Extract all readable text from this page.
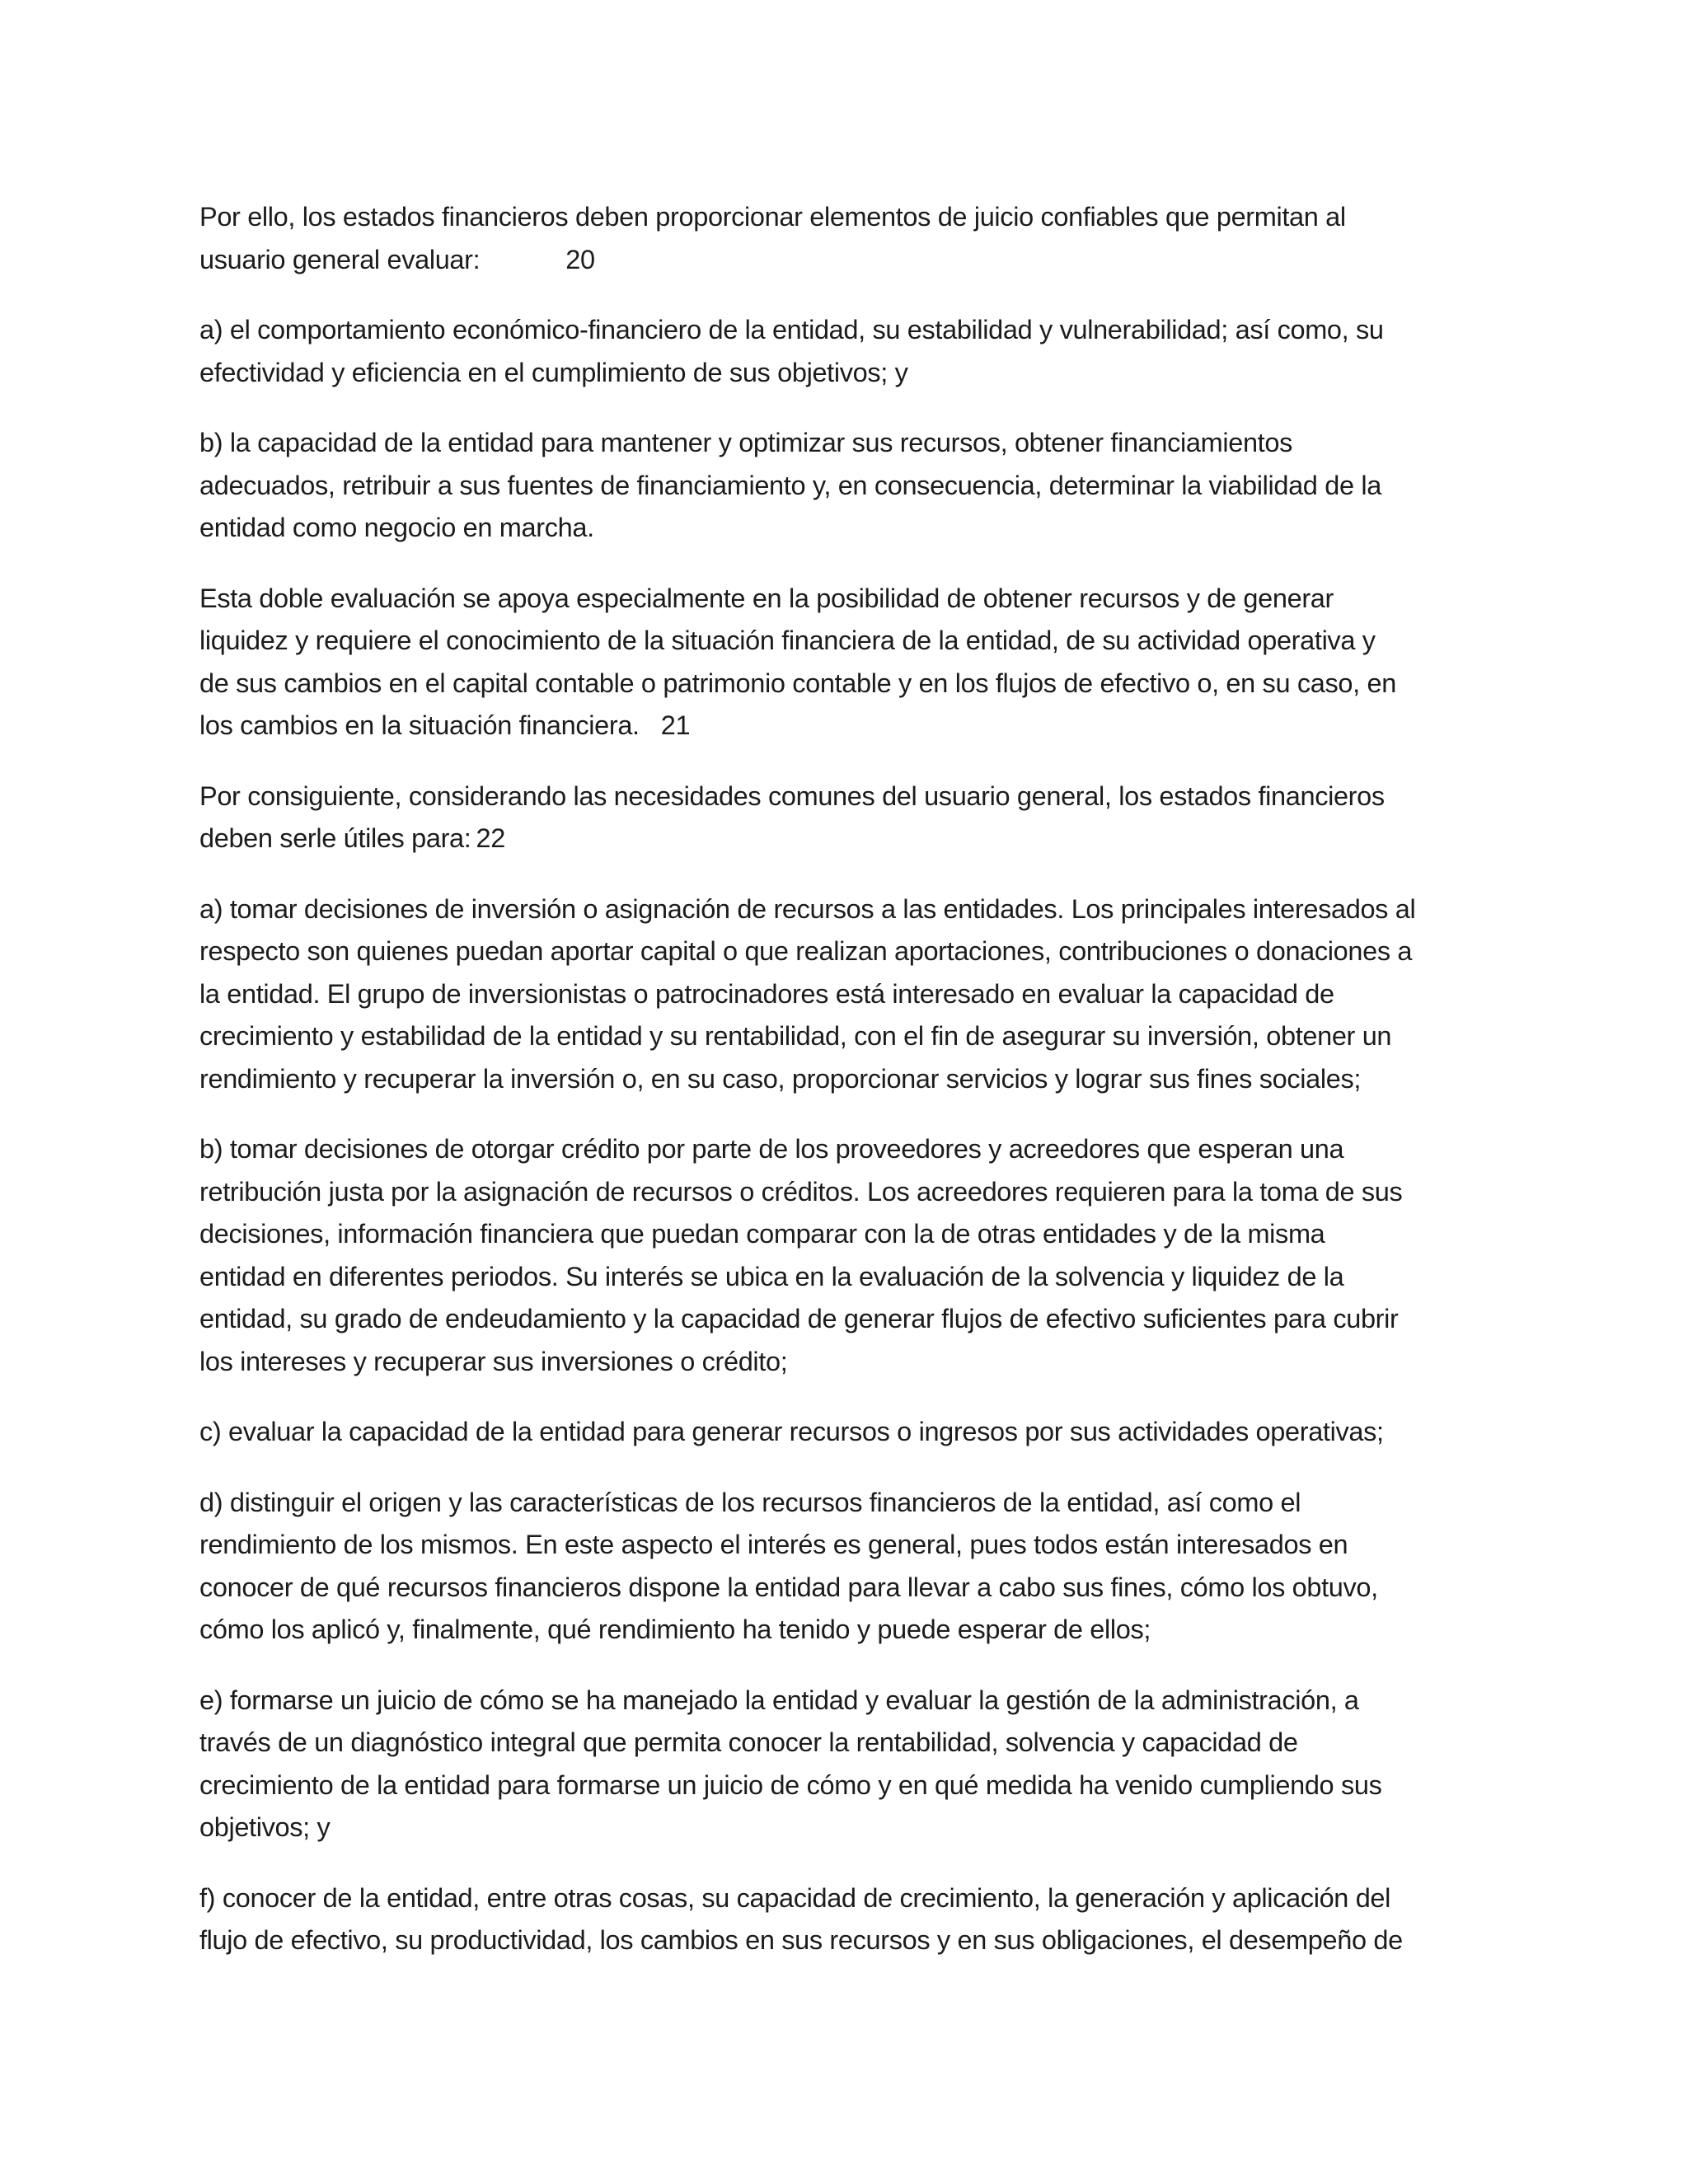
Por ello, los estados financieros deben proporcionar elementos de juicio confiables que permitan al
usuario general evaluar:	20

a) el comportamiento económico-financiero de la entidad, su estabilidad y vulnerabilidad; así como, su
efectividad y eficiencia en el cumplimiento de sus objetivos; y

b) la capacidad de la entidad para mantener y optimizar sus recursos, obtener financiamientos
adecuados, retribuir a sus fuentes de financiamiento y, en consecuencia, determinar la viabilidad de la
entidad como negocio en marcha.

Esta doble evaluación se apoya especialmente en la posibilidad de obtener recursos y de generar
liquidez y requiere el conocimiento de la situación financiera de la entidad, de su actividad operativa y
de sus cambios en el capital contable o patrimonio contable y en los flujos de efectivo o, en su caso, en
los cambios en la situación financiera. 21

Por consiguiente, considerando las necesidades comunes del usuario general, los estados financieros
deben serle útiles para: 22

a) tomar decisiones de inversión o asignación de recursos a las entidades. Los principales interesados al
respecto son quienes puedan aportar capital o que realizan aportaciones, contribuciones o donaciones a
la entidad. El grupo de inversionistas o patrocinadores está interesado en evaluar la capacidad de
crecimiento y estabilidad de la entidad y su rentabilidad, con el fin de asegurar su inversión, obtener un
rendimiento y recuperar la inversión o, en su caso, proporcionar servicios y lograr sus fines sociales;

b) tomar decisiones de otorgar crédito por parte de los proveedores y acreedores que esperan una
retribución justa por la asignación de recursos o créditos. Los acreedores requieren para la toma de sus
decisiones, información financiera que puedan comparar con la de otras entidades y de la misma
entidad en diferentes periodos. Su interés se ubica en la evaluación de la solvencia y liquidez de la
entidad, su grado de endeudamiento y la capacidad de generar flujos de efectivo suficientes para cubrir
los intereses y recuperar sus inversiones o crédito;

c) evaluar la capacidad de la entidad para generar recursos o ingresos por sus actividades operativas;

d) distinguir el origen y las características de los recursos financieros de la entidad, así como el
rendimiento de los mismos. En este aspecto el interés es general, pues todos están interesados en
conocer de qué recursos financieros dispone la entidad para llevar a cabo sus fines, cómo los obtuvo,
cómo los aplicó y, finalmente, qué rendimiento ha tenido y puede esperar de ellos;

e) formarse un juicio de cómo se ha manejado la entidad y evaluar la gestión de la administración, a
través de un diagnóstico integral que permita conocer la rentabilidad, solvencia y capacidad de
crecimiento de la entidad para formarse un juicio de cómo y en qué medida ha venido cumpliendo sus
objetivos; y

f) conocer de la entidad, entre otras cosas, su capacidad de crecimiento, la generación y aplicación del
flujo de efectivo, su productividad, los cambios en sus recursos y en sus obligaciones, el desempeño de
